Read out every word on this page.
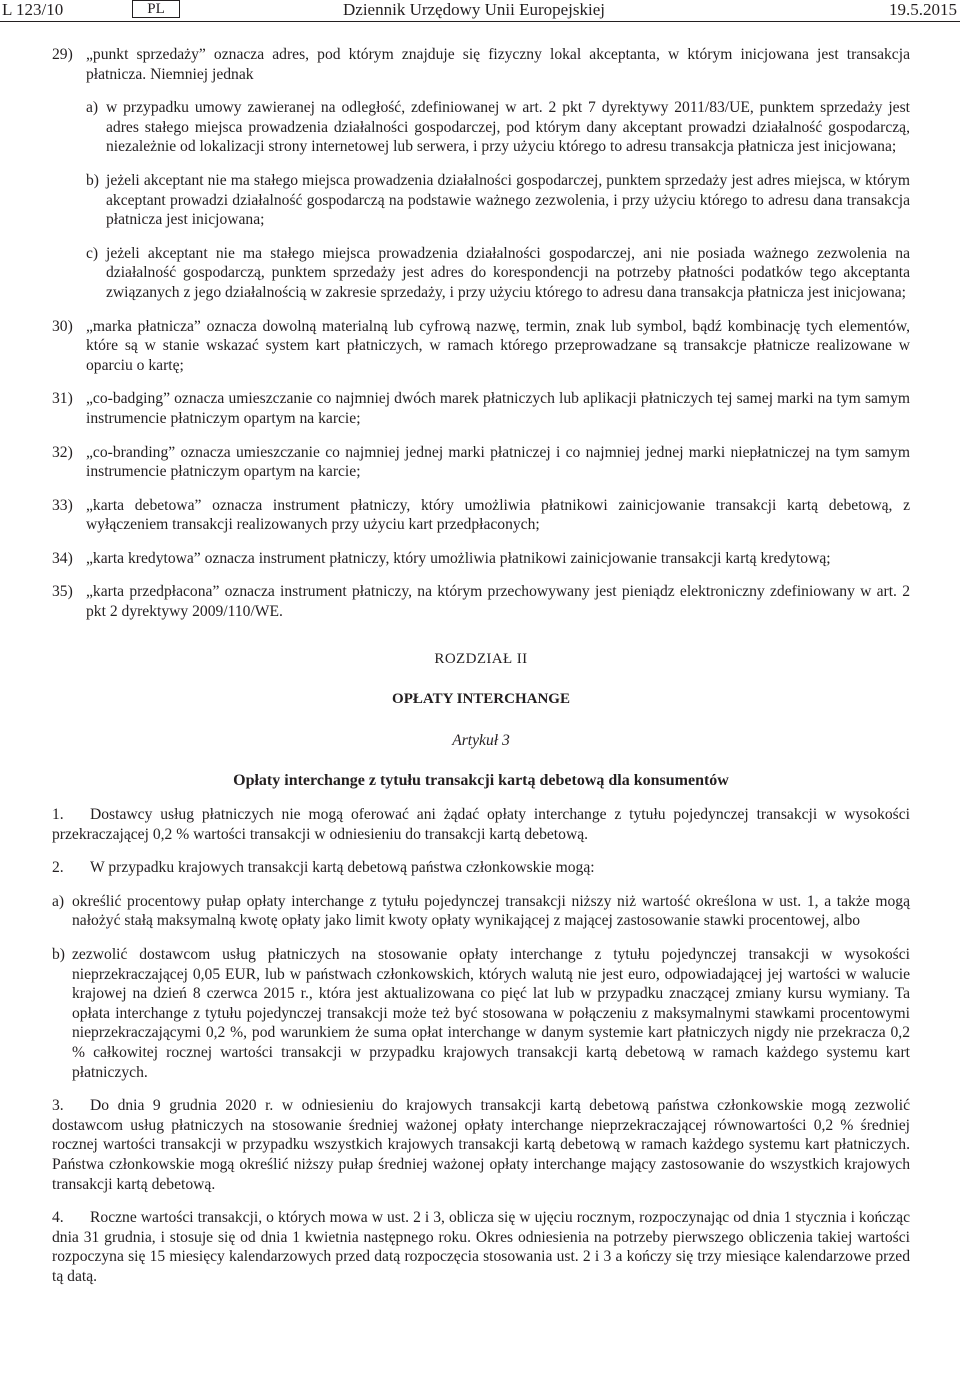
L 123/10	PL	Dziennik Urzędowy Unii Europejskiej	19.5.2015
29) „punkt sprzedaży” oznacza adres, pod którym znajduje się fizyczny lokal akceptanta, w którym inicjowana jest transakcja płatnicza. Niemniej jednak
a) w przypadku umowy zawieranej na odległość, zdefiniowanej w art. 2 pkt 7 dyrektywy 2011/83/UE, punktem sprzedaży jest adres stałego miejsca prowadzenia działalności gospodarczej, pod którym dany akceptant prowadzi działalność gospodarczą, niezależnie od lokalizacji strony internetowej lub serwera, i przy użyciu którego to adresu transakcja płatnicza jest inicjowana;
b) jeżeli akceptant nie ma stałego miejsca prowadzenia działalności gospodarczej, punktem sprzedaży jest adres miejsca, w którym akceptant prowadzi działalność gospodarczą na podstawie ważnego zezwolenia, i przy użyciu którego to adresu dana transakcja płatnicza jest inicjowana;
c) jeżeli akceptant nie ma stałego miejsca prowadzenia działalności gospodarczej, ani nie posiada ważnego zezwolenia na działalność gospodarczą, punktem sprzedaży jest adres do korespondencji na potrzeby płatności podatków tego akceptanta związanych z jego działalnością w zakresie sprzedaży, i przy użyciu którego to adresu dana transakcja płatnicza jest inicjowana;
30) „marka płatnicza” oznacza dowolną materialną lub cyfrową nazwę, termin, znak lub symbol, bądź kombinację tych elementów, które są w stanie wskazać system kart płatniczych, w ramach którego przeprowadzane są transakcje płatnicze realizowane w oparciu o kartę;
31) „co-badging” oznacza umieszczanie co najmniej dwóch marek płatniczych lub aplikacji płatniczych tej samej marki na tym samym instrumencie płatniczym opartym na karcie;
32) „co-branding” oznacza umieszczanie co najmniej jednej marki płatniczej i co najmniej jednej marki niepłatniczej na tym samym instrumencie płatniczym opartym na karcie;
33) „karta debetowa” oznacza instrument płatniczy, który umożliwia płatnikowi zainicjowanie transakcji kartą debetową, z wyłączeniem transakcji realizowanych przy użyciu kart przedpłaconych;
34) „karta kredytowa” oznacza instrument płatniczy, który umożliwia płatnikowi zainicjowanie transakcji kartą kredytową;
35) „karta przedpłacona” oznacza instrument płatniczy, na którym przechowywany jest pieniądz elektroniczny zdefiniowany w art. 2 pkt 2 dyrektywy 2009/110/WE.
ROZDZIAŁ II
OPŁATY INTERCHANGE
Artykuł 3
Opłaty interchange z tytułu transakcji kartą debetową dla konsumentów
1. Dostawcy usług płatniczych nie mogą oferować ani żądać opłaty interchange z tytułu pojedynczej transakcji w wysokości przekraczającej 0,2 % wartości transakcji w odniesieniu do transakcji kartą debetową.
2. W przypadku krajowych transakcji kartą debetową państwa członkowskie mogą:
a) określić procentowy pułap opłaty interchange z tytułu pojedynczej transakcji niższy niż wartość określona w ust. 1, a także mogą nałożyć stałą maksymalną kwotę opłaty jako limit kwoty opłaty wynikającej z mającej zastosowanie stawki procentowej, albo
b) zezwolić dostawcom usług płatniczych na stosowanie opłaty interchange z tytułu pojedynczej transakcji w wysokości nieprzekraczającej 0,05 EUR, lub w państwach członkowskich, których walutą nie jest euro, odpowiadającej jej wartości w walucie krajowej na dzień 8 czerwca 2015 r., która jest aktualizowana co pięć lat lub w przypadku znaczącej zmiany kursu wymiany. Ta opłata interchange z tytułu pojedynczej transakcji może też być stosowana w połączeniu z maksymalnymi stawkami procentowymi nieprzekraczającymi 0,2 %, pod warunkiem że suma opłat interchange w danym systemie kart płatniczych nigdy nie przekracza 0,2 % całkowitej rocznej wartości transakcji w przypadku krajowych transakcji kartą debetową w ramach każdego systemu kart płatniczych.
3. Do dnia 9 grudnia 2020 r. w odniesieniu do krajowych transakcji kartą debetową państwa członkowskie mogą zezwolić dostawcom usług płatniczych na stosowanie średniej ważonej opłaty interchange nieprzekraczającej równowartości 0,2 % średniej rocznej wartości transakcji w przypadku wszystkich krajowych transakcji kartą debetową w ramach każdego systemu kart płatniczych. Państwa członkowskie mogą określić niższy pułap średniej ważonej opłaty interchange mający zastosowanie do wszystkich krajowych transakcji kartą debetową.
4. Roczne wartości transakcji, o których mowa w ust. 2 i 3, oblicza się w ujęciu rocznym, rozpoczynając od dnia 1 stycznia i kończąc dnia 31 grudnia, i stosuje się od dnia 1 kwietnia następnego roku. Okres odniesienia na potrzeby pierwszego obliczenia takiej wartości rozpoczyna się 15 miesięcy kalendarzowych przed datą rozpoczęcia stosowania ust. 2 i 3 a kończy się trzy miesiące kalendarzowe przed tą datą.
